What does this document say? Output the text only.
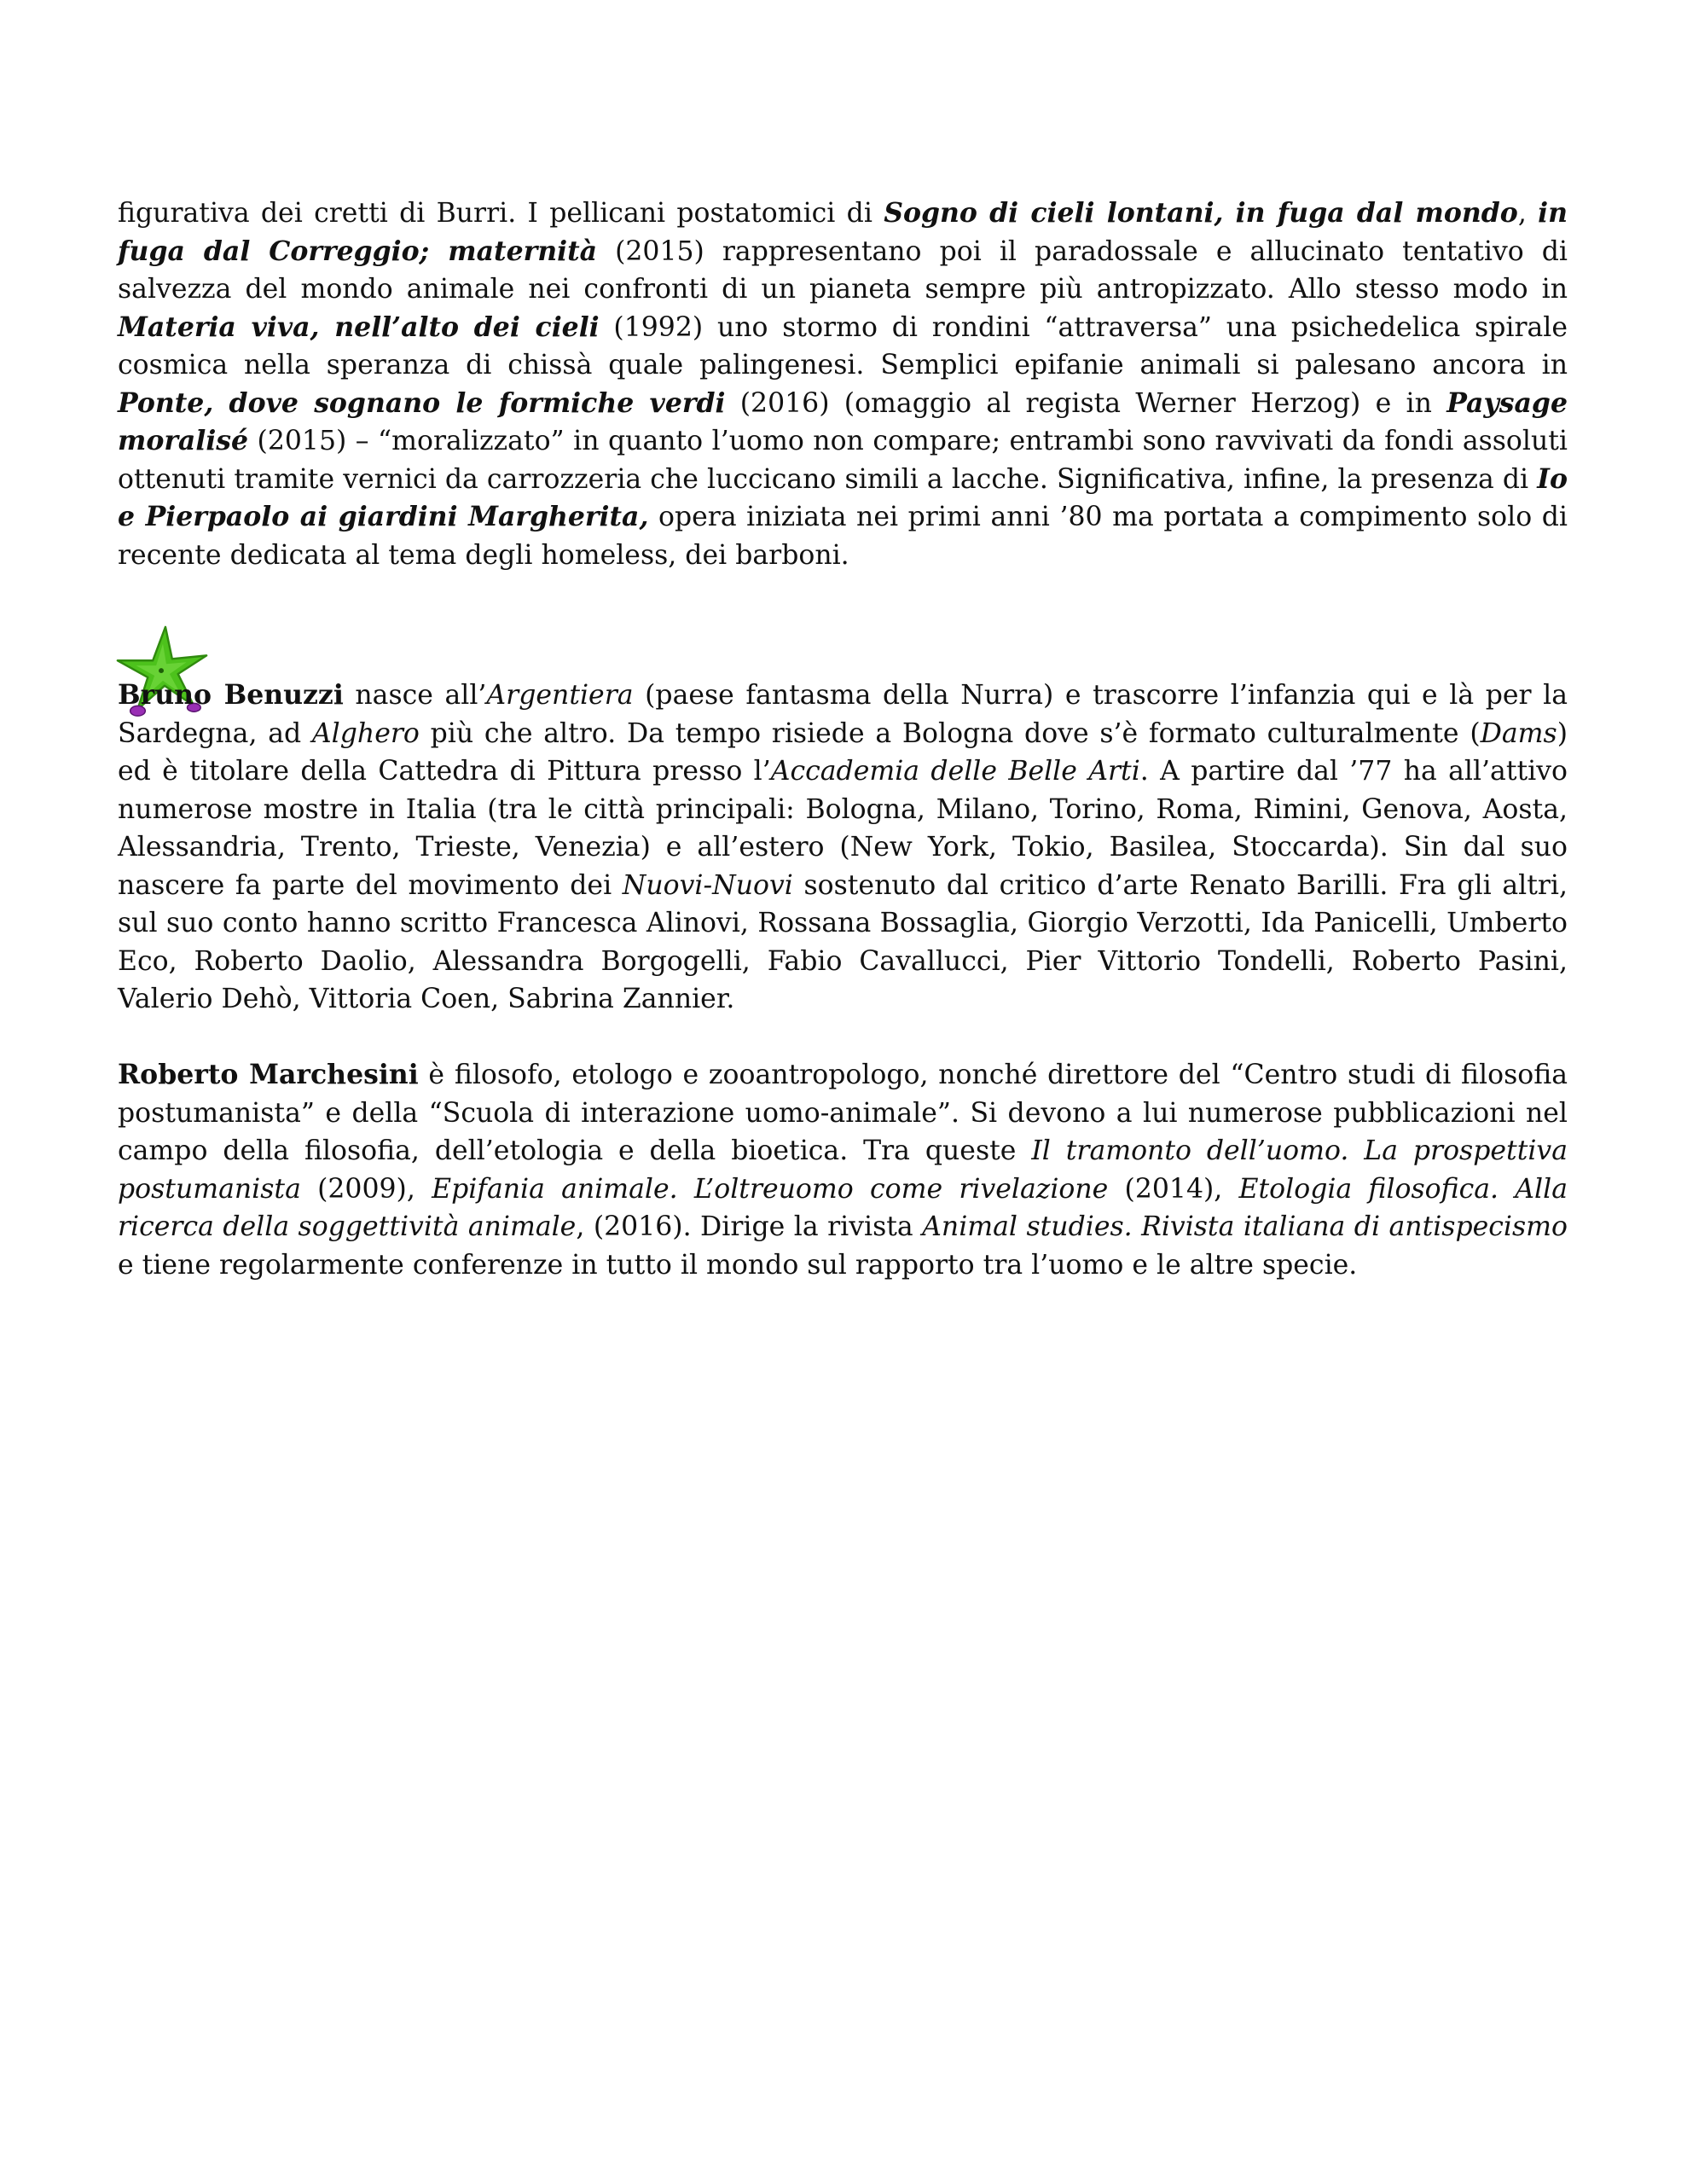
figurativa dei cretti di Burri. I pellicani postatomici di Sogno di cieli lontani, in fuga dal mondo, in fuga dal Correggio; maternità (2015) rappresentano poi il paradossale e allucinato tentativo di salvezza del mondo animale nei confronti di un pianeta sempre più antropizzato. Allo stesso modo in Materia viva, nell’alto dei cieli (1992) uno stormo di rondini “attraversa” una psichedelica spirale cosmica nella speranza di chissà quale palingenesi. Semplici epifanie animali si palesano ancora in Ponte, dove sognano le formiche verdi (2016) (omaggio al regista Werner Herzog) e in Paysage moralisé (2015) – “moralizzato” in quanto l’uomo non compare; entrambi sono ravvivati da fondi assoluti ottenuti tramite vernici da carrozzeria che luccicano simili a lacche. Significativa, infine, la presenza di Io e Pierpaolo ai giardini Margherita, opera iniziata nei primi anni ’80 ma portata a compimento solo di recente dedicata al tema degli homeless, dei barboni.

Bruno Benuzzi nasce all’Argentiera (paese fantasma della Nurra) e trascorre l’infanzia qui e là per la Sardegna, ad Alghero più che altro. Da tempo risiede a Bologna dove s’è formato culturalmente (Dams) ed è titolare della Cattedra di Pittura presso l’Accademia delle Belle Arti. A partire dal ’77 ha all’attivo numerose mostre in Italia (tra le città principali: Bologna, Milano, Torino, Roma, Rimini, Genova, Aosta, Alessandria, Trento, Trieste, Venezia) e all’estero (New York, Tokio, Basilea, Stoccarda). Sin dal suo nascere fa parte del movimento dei Nuovi-Nuovi sostenuto dal critico d’arte Renato Barilli. Fra gli altri, sul suo conto hanno scritto Francesca Alinovi, Rossana Bossaglia, Giorgio Verzotti, Ida Panicelli, Umberto Eco, Roberto Daolio, Alessandra Borgogelli, Fabio Cavallucci, Pier Vittorio Tondelli, Roberto Pasini, Valerio Dehò, Vittoria Coen, Sabrina Zannier.

Roberto Marchesini è filosofo, etologo e zooantropologo, nonché direttore del “Centro studi di filosofia postumanista” e della “Scuola di interazione uomo-animale”. Si devono a lui numerose pubblicazioni nel campo della filosofia, dell’etologia e della bioetica. Tra queste Il tramonto dell’uomo. La prospettiva postumanista (2009), Epifania animale. L’oltreuomo come rivelazione (2014), Etologia filosofica. Alla ricerca della soggettività animale, (2016). Dirige la rivista Animal studies. Rivista italiana di antispecismo e tiene regolarmente conferenze in tutto il mondo sul rapporto tra l’uomo e le altre specie.
